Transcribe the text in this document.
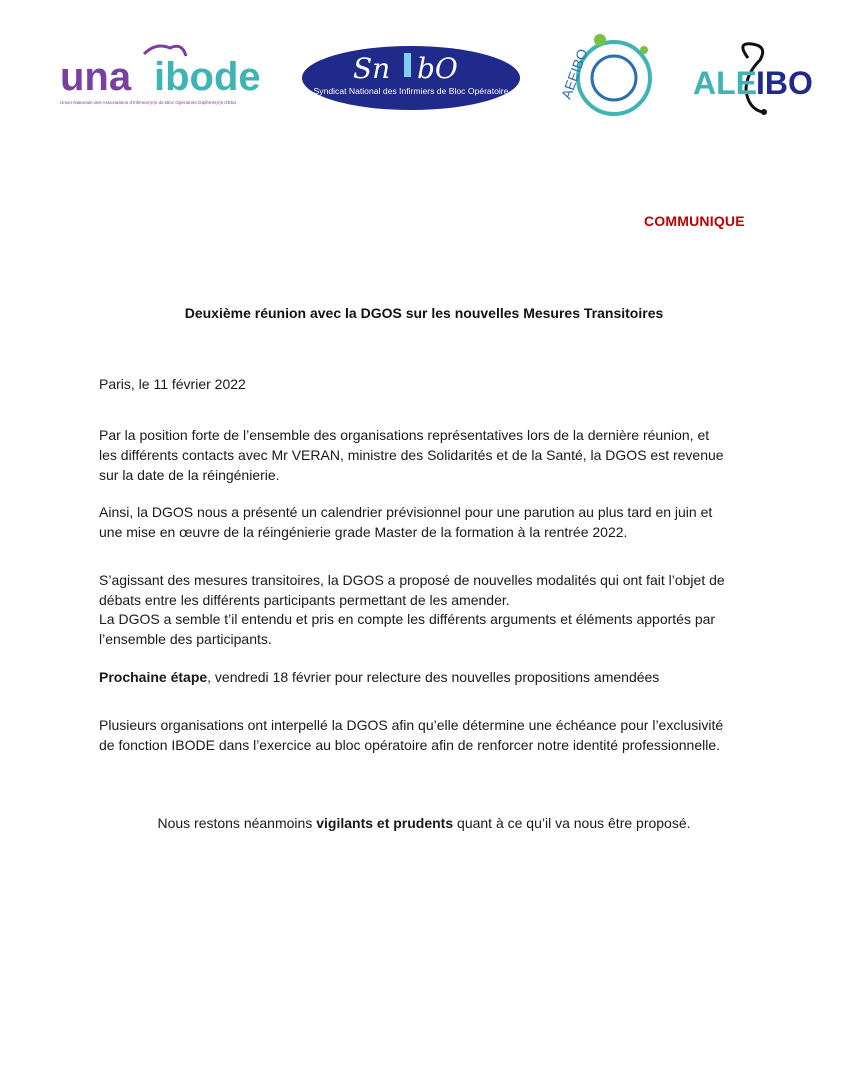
una ibode
Union Nationale des Associations d'Infirmier(e)s de Bloc Opératoire Diplômé(e)s d'Etat
Sn bO
Syndicat National des Infirmiers de Bloc Opératoire	AEEIBO	ALE IBO
COMMUNIQUE
Deuxième réunion avec la DGOS sur les nouvelles Mesures Transitoires
Paris, le 11 février 2022
Par la position forte de l’ensemble des organisations représentatives lors de la dernière réunion, et
les différents contacts avec Mr VERAN, ministre des Solidarités et de la Santé, la DGOS est revenue
sur la date de la réingénierie.
Ainsi, la DGOS nous a présenté un calendrier prévisionnel pour une parution au plus tard en juin et
une mise en œuvre de la réingénierie grade Master de la formation à la rentrée 2022.
S’agissant des mesures transitoires, la DGOS a proposé de nouvelles modalités qui ont fait l’objet de
débats entre les différents participants permettant de les amender.
La DGOS a semble t’il entendu et pris en compte les différents arguments et éléments apportés par
l’ensemble des participants.
Prochaine étape, vendredi 18 février pour relecture des nouvelles propositions amendées
Plusieurs organisations ont interpellé la DGOS afin qu’elle détermine une échéance pour l’exclusivité
de fonction IBODE dans l’exercice au bloc opératoire afin de renforcer notre identité professionnelle.
Nous restons néanmoins vigilants et prudents quant à ce qu’il va nous être proposé.
